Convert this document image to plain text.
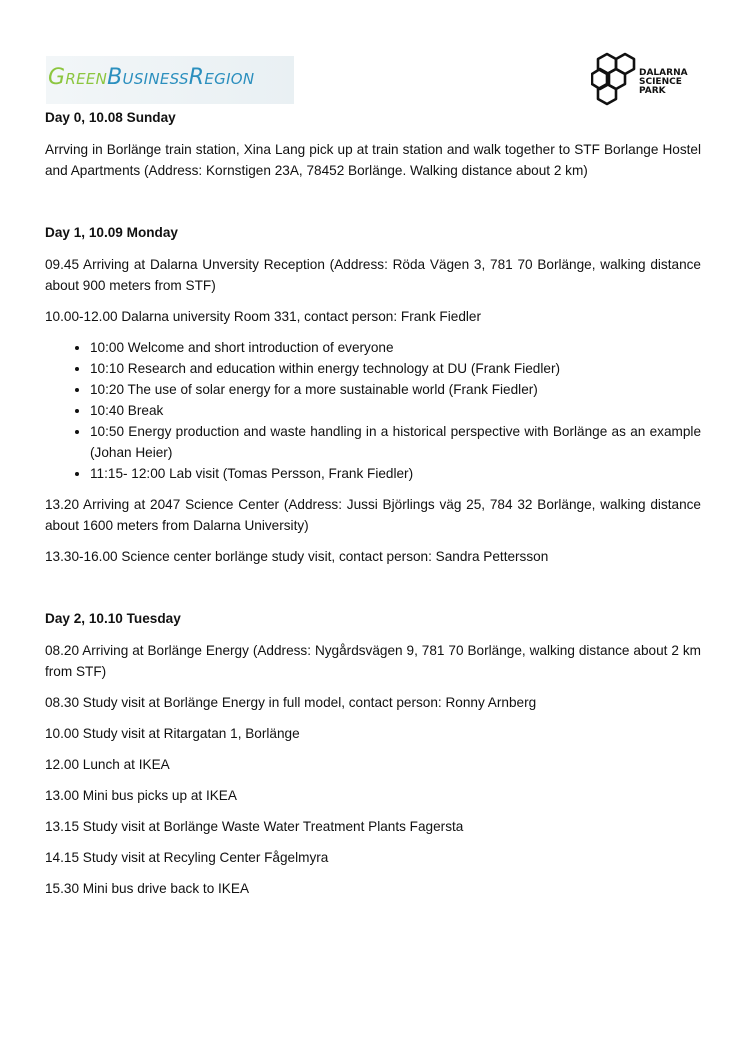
GreenBusinessRegion	DALARNA
SCIENCE
PARK
Day 0, 10.08 Sunday
Arrving in Borlänge train station, Xina Lang pick up at train station and walk together to STF Borlange Hostel and Apartments (Address: Kornstigen 23A, 78452 Borlänge. Walking distance about 2 km)
Day 1, 10.09 Monday
09.45 Arriving at Dalarna Unversity Reception (Address: Röda Vägen 3, 781 70 Borlänge, walking distance about 900 meters from STF)
10.00-12.00 Dalarna university Room 331, contact person: Frank Fiedler
• 10:00 Welcome and short introduction of everyone
• 10:10 Research and education within energy technology at DU (Frank Fiedler)
• 10:20 The use of solar energy for a more sustainable world (Frank Fiedler)
• 10:40 Break
• 10:50 Energy production and waste handling in a historical perspective with Borlänge as an example (Johan Heier)
• 11:15- 12:00 Lab visit (Tomas Persson, Frank Fiedler)
13.20 Arriving at 2047 Science Center (Address: Jussi Björlings väg 25, 784 32 Borlänge, walking distance about 1600 meters from Dalarna University)
13.30-16.00 Science center borlänge study visit, contact person: Sandra Pettersson
Day 2, 10.10 Tuesday
08.20 Arriving at Borlänge Energy (Address: Nygårdsvägen 9, 781 70 Borlänge, walking distance about 2 km from STF)
08.30 Study visit at Borlänge Energy in full model, contact person: Ronny Arnberg
10.00 Study visit at Ritargatan 1, Borlänge
12.00 Lunch at IKEA
13.00 Mini bus picks up at IKEA
13.15 Study visit at Borlänge Waste Water Treatment Plants Fagersta
14.15 Study visit at Recyling Center Fågelmyra
15.30 Mini bus drive back to IKEA
